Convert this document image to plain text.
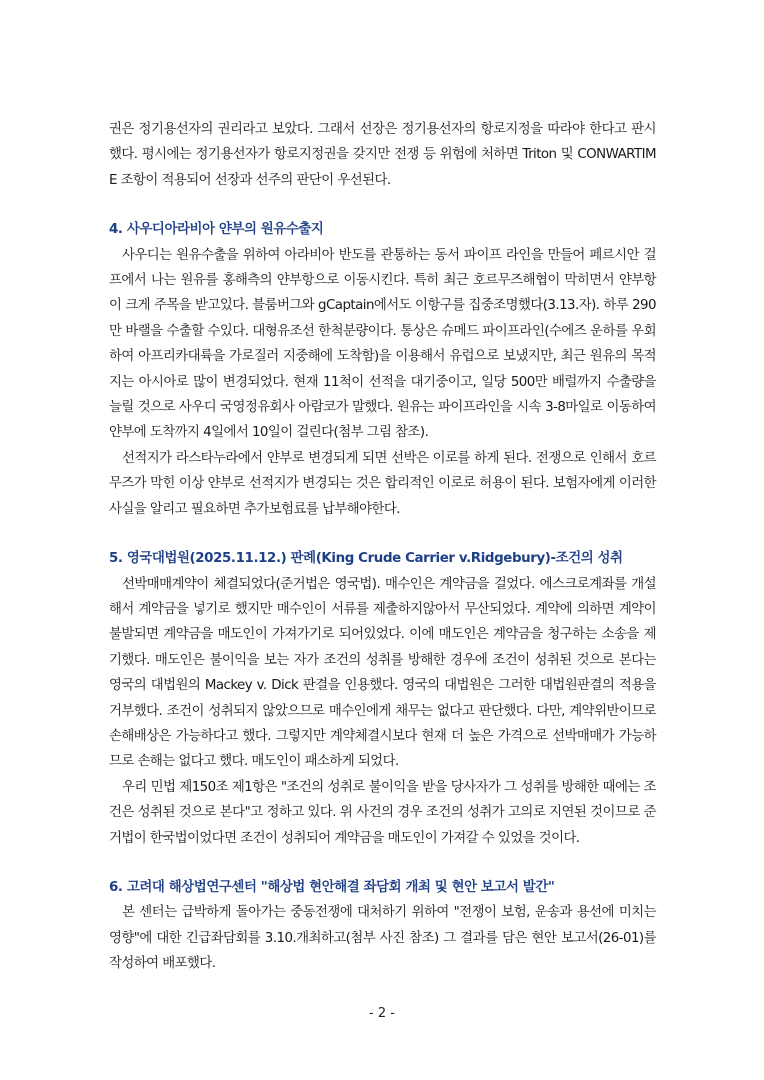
권은 정기용선자의 권리라고 보았다. 그래서 선장은 정기용선자의 항로지정을 따라야 한다고 판시했다. 평시에는 정기용선자가 항로지정권을 갖지만 전쟁 등 위험에 처하면 Triton 및 CONWARTIME 조항이 적용되어 선장과 선주의 판단이 우선된다.

4. 사우디아라비아 얀부의 원유수출지

사우디는 원유수출을 위하여 아라비아 반도를 관통하는 동서 파이프 라인을 만들어 페르시안 걸프에서 나는 원유를 홍해측의 얀부항으로 이동시킨다. 특히 최근 호르무즈해협이 막히면서 얀부항이 크게 주목을 받고있다. 블룸버그와 gCaptain에서도 이항구를 집중조명했다(3.13.자). 하루 290만 바랠을 수출할 수있다. 대형유조선 한척분량이다. 통상은 슈메드 파이프라인(수에즈 운하를 우회하여 아프리카대륙을 가로질러 지중해에 도착함)을 이용해서 유럽으로 보냈지만, 최근 원유의 목적지는 아시아로 많이 변경되었다. 현재 11척이 선적을 대기중이고, 일당 500만 배럴까지 수출량을 늘릴 것으로 사우디 국영정유회사 아람코가 말했다. 원유는 파이프라인을 시속 3-8마일로 이동하여 얀부에 도착까지 4일에서 10일이 걸린다(첨부 그림 참조).

선적지가 라스타누라에서 얀부로 변경되게 되면 선박은 이로를 하게 된다. 전쟁으로 인해서 호르무즈가 막힌 이상 얀부로 선적지가 변경되는 것은 합리적인 이로로 허용이 된다. 보험자에게 이러한 사실을 알리고 필요하면 추가보험료를 납부해야한다.

5. 영국대법원(2025.11.12.) 판례(King Crude Carrier v.Ridgebury)-조건의 성취

선박매매계약이 체결되었다(준거법은 영국법). 매수인은 계약금을 걸었다. 에스크로계좌를 개설해서 계약금을 넣기로 했지만 매수인이 서류를 제출하지않아서 무산되었다. 계약에 의하면 계약이 불발되면 계약금을 매도인이 가져가기로 되어있었다. 이에 매도인은 계약금을 청구하는 소송을 제기했다. 매도인은 불이익을 보는 자가 조건의 성취를 방해한 경우에 조건이 성취된 것으로 본다는 영국의 대법원의 Mackey v. Dick 판결을 인용했다. 영국의 대법원은 그러한 대법원판결의 적용을 거부했다. 조건이 성취되지 않았으므로 매수인에게 채무는 없다고 판단했다. 다만, 계약위반이므로 손해배상은 가능하다고 했다. 그렇지만 계약체결시보다 현재 더 높은 가격으로 선박매매가 가능하므로 손해는 없다고 했다. 매도인이 패소하게 되었다.

우리 민법 제150조 제1항은 "조건의 성취로 불이익을 받을 당사자가 그 성취를 방해한 때에는 조건은 성취된 것으로 본다"고 정하고 있다. 위 사건의 경우 조건의 성취가 고의로 지연된 것이므로 준거법이 한국법이었다면 조건이 성취되어 계약금을 매도인이 가져갈 수 있었을 것이다.

6. 고려대 해상법연구센터 "해상법 현안해결 좌담회 개최 및 현안 보고서 발간"

본 센터는 급박하게 돌아가는 중동전쟁에 대처하기 위하여 "전쟁이 보험, 운송과 용선에 미치는 영향"에 대한 긴급좌담회를 3.10.개최하고(첨부 사진 참조) 그 결과를 담은 현안 보고서(26-01)를 작성하여 배포했다.

- 2 -
